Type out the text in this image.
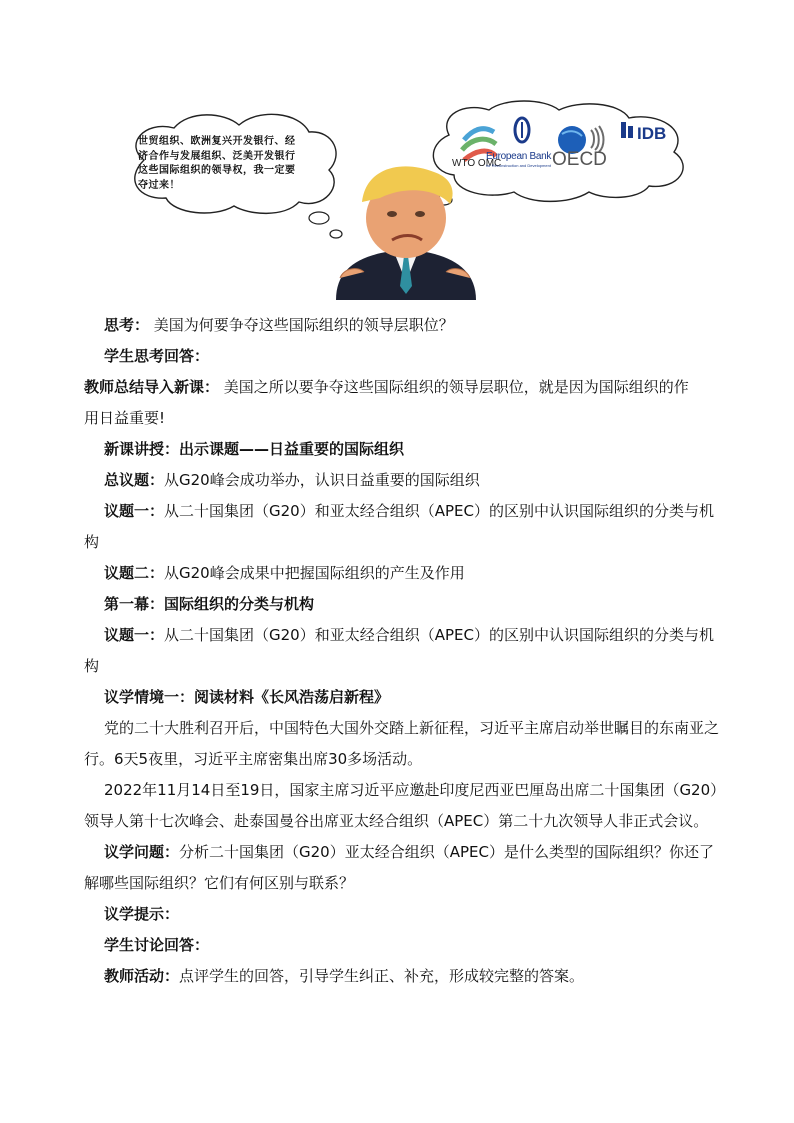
世贸组织、欧洲复兴开发银行、经济合作与发展组织、泛美开发银行这些国际组织的领导权，我一定要夺过来！
WTO OMC
European Bank
for Reconstruction and Development OECD
IDB

思考： 美国为何要争夺这些国际组织的领导层职位？

学生思考回答：

教师总结导入新课： 美国之所以要争夺这些国际组织的领导层职位，就是因为国际组织的作用日益重要!

新课讲授：出示课题——日益重要的国际组织

总议题：从G20峰会成功举办，认识日益重要的国际组织

议题一：从二十国集团（G20）和亚太经合组织（APEC）的区别中认识国际组织的分类与机构

议题二：从G20峰会成果中把握国际组织的产生及作用

第一幕：国际组织的分类与机构

议题一：从二十国集团（G20）和亚太经合组织（APEC）的区别中认识国际组织的分类与机构

议学情境一：阅读材料《长风浩荡启新程》

党的二十大胜利召开后，中国特色大国外交踏上新征程，习近平主席启动举世瞩目的东南亚之行。6天5夜里，习近平主席密集出席30多场活动。

2022年11月14日至19日，国家主席习近平应邀赴印度尼西亚巴厘岛出席二十国集团（G20）领导人第十七次峰会、赴泰国曼谷出席亚太经合组织（APEC）第二十九次领导人非正式会议。

议学问题：分析二十国集团（G20）亚太经合组织（APEC）是什么类型的国际组织？你还了解哪些国际组织？它们有何区别与联系？

议学提示：

学生讨论回答：

教师活动：点评学生的回答，引导学生纠正、补充，形成较完整的答案。
